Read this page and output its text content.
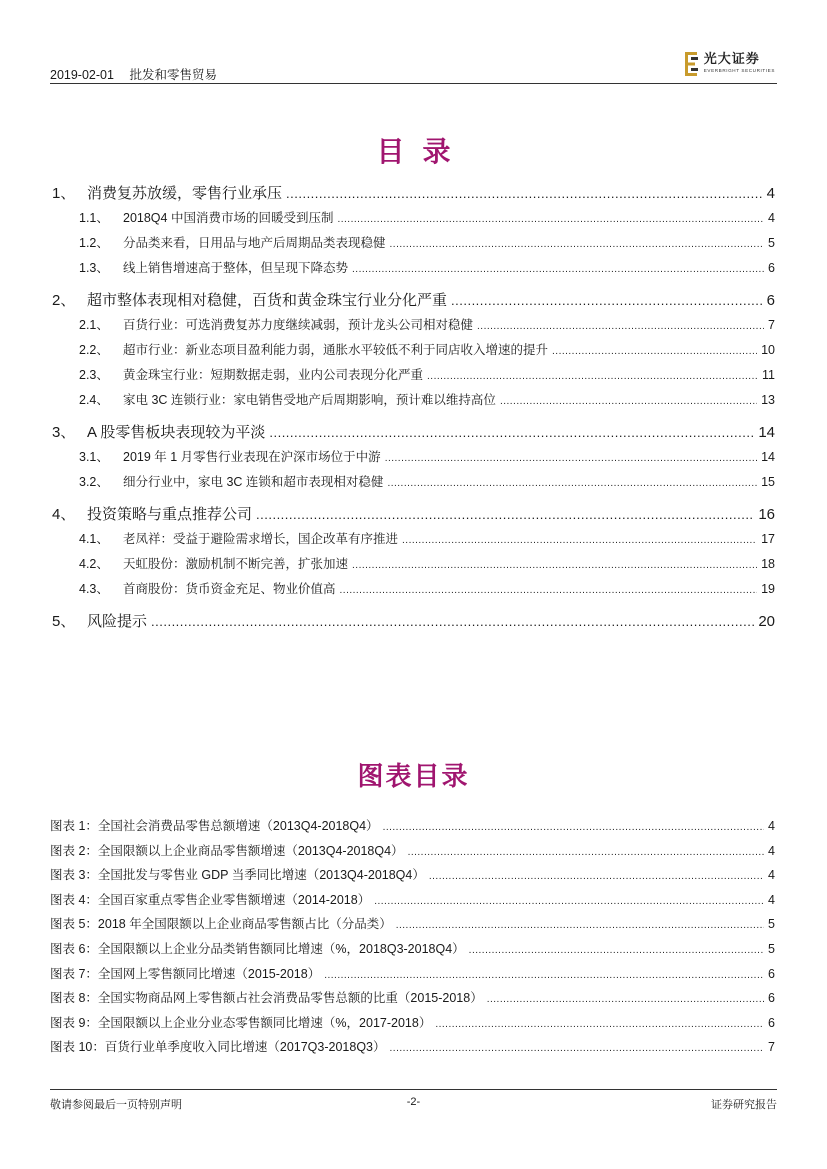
2019-02-01 批发和零售贸易
光大证券
EVERBRIGHT SECURITIES
目录
1、 消费复苏放缓，零售行业承压 .....	4
1.1、	2018Q4 中国消费市场的回暖受到压制 .....	4
1.2、	分品类来看，日用品与地产后周期品类表现稳健 .....	5
1.3、	线上销售增速高于整体，但呈现下降态势 .....	6
2、 超市整体表现相对稳健，百货和黄金珠宝行业分化严重 .....	6
2.1、	百货行业：可选消费复苏力度继续减弱，预计龙头公司相对稳健 .....	7
2.2、	超市行业：新业态项目盈利能力弱，通胀水平较低不利于同店收入增速的提升 .....	10
2.3、	黄金珠宝行业：短期数据走弱，业内公司表现分化严重 .....	11
2.4、	家电 3C 连锁行业：家电销售受地产后周期影响，预计难以维持高位 .....	13
3、 A 股零售板块表现较为平淡 .....	14
3.1、	2019 年 1 月零售行业表现在沪深市场位于中游 .....	14
3.2、	细分行业中，家电 3C 连锁和超市表现相对稳健 .....	15
4、 投资策略与重点推荐公司 .....	16
4.1、	老凤祥：受益于避险需求增长，国企改革有序推进 .....	17
4.2、	天虹股份：激励机制不断完善，扩张加速 .....	18
4.3、	首商股份：货币资金充足、物业价值高 .....	19
5、 风险提示 .....	20
图表目录
图表 1：全国社会消费品零售总额增速（2013Q4-2018Q4） .....	4
图表 2：全国限额以上企业商品零售额增速（2013Q4-2018Q4） .....	4
图表 3：全国批发与零售业 GDP 当季同比增速（2013Q4-2018Q4） .....	4
图表 4：全国百家重点零售企业零售额增速（2014-2018） .....	4
图表 5：2018 年全国限额以上企业商品零售额占比（分品类） .....	5
图表 6：全国限额以上企业分品类销售额同比增速（%，2018Q3-2018Q4） .....	5
图表 7：全国网上零售额同比增速（2015-2018） .....	6
图表 8：全国实物商品网上零售额占社会消费品零售总额的比重（2015-2018） .....	6
图表 9：全国限额以上企业分业态零售额同比增速（%，2017-2018） .....	6
图表 10：百货行业单季度收入同比增速（2017Q3-2018Q3） .....	7
敬请参阅最后一页特别声明	-2-	证券研究报告
